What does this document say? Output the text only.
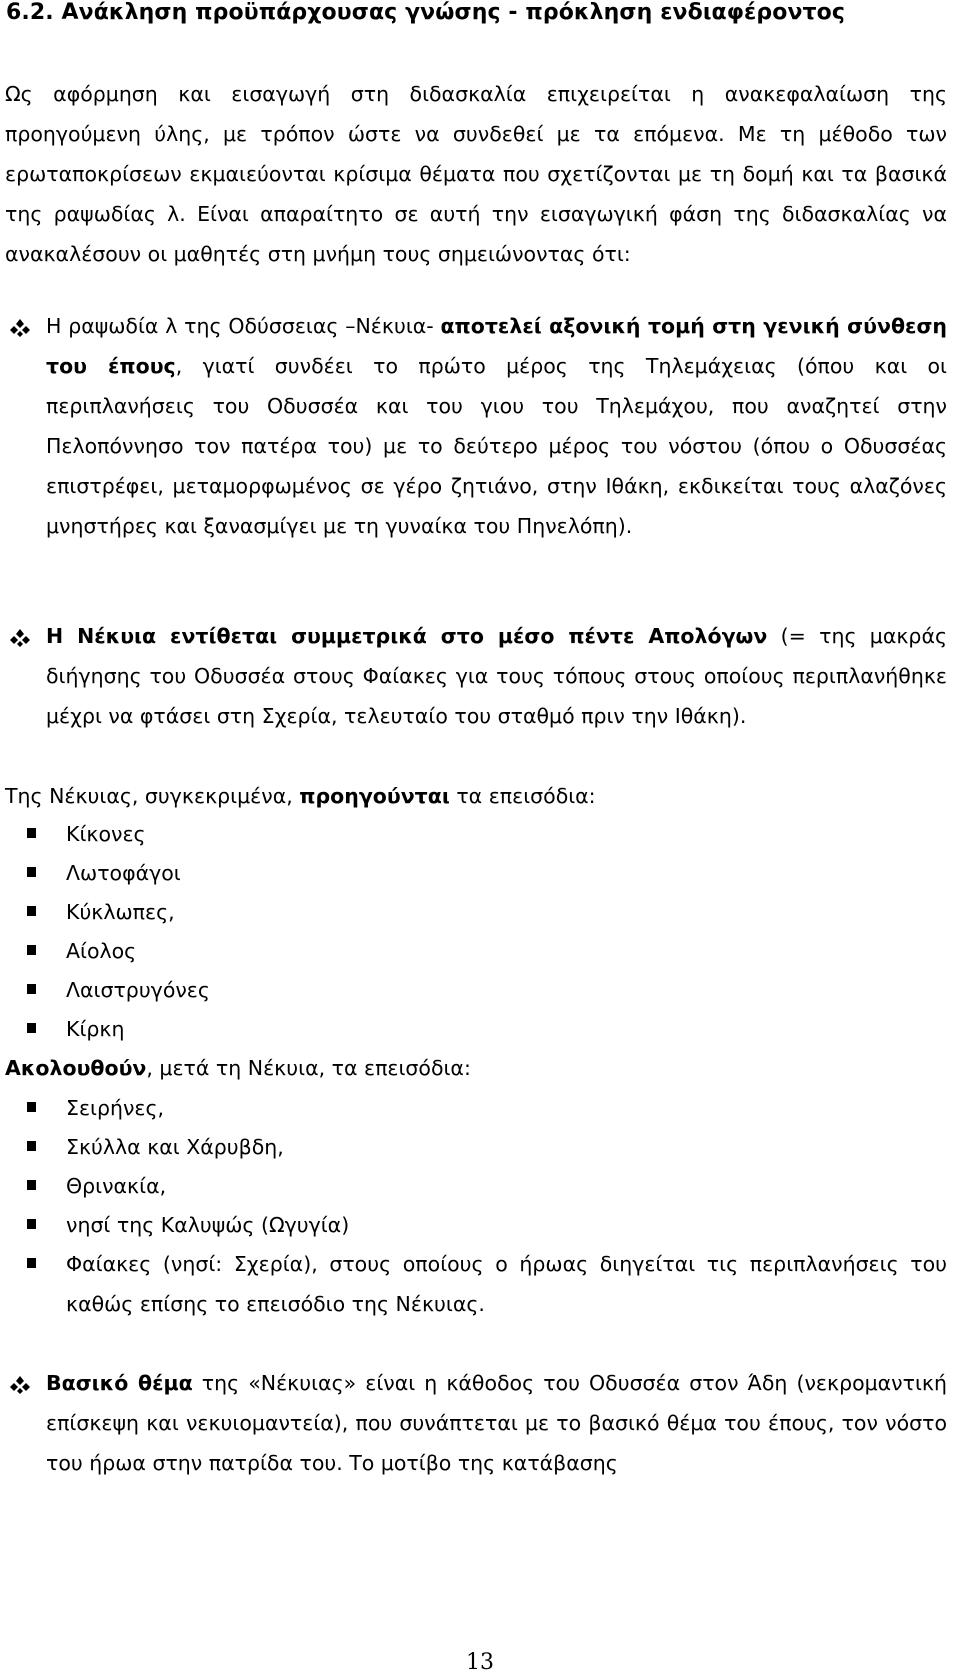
6.2. Ανάκληση προϋπάρχουσας γνώσης - πρόκληση ενδιαφέροντος
Ως αφόρμηση και εισαγωγή στη διδασκαλία επιχειρείται η ανακεφαλαίωση της προηγούμενη ύλης, με τρόπον ώστε να συνδεθεί με τα επόμενα. Με τη μέθοδο των ερωταποκρίσεων εκμαιεύονται κρίσιμα θέματα που σχετίζονται με τη δομή και τα βασικά της ραψωδίας λ. Είναι απαραίτητο σε αυτή την εισαγωγική φάση της διδασκαλίας να ανακαλέσουν οι μαθητές στη μνήμη τους σημειώνοντας ότι:
Η ραψωδία λ της Οδύσσειας –Νέκυια- αποτελεί αξονική τομή στη γενική σύνθεση του έπους, γιατί συνδέει το πρώτο μέρος της Τηλεμάχειας (όπου και οι περιπλανήσεις του Οδυσσέα και του γιου του Τηλεμάχου, που αναζητεί στην Πελοπόννησο τον πατέρα του) με το δεύτερο μέρος του νόστου (όπου ο Οδυσσέας επιστρέφει, μεταμορφωμένος σε γέρο ζητιάνο, στην Ιθάκη, εκδικείται τους αλαζόνες μνηστήρες και ξανασμίγει με τη γυναίκα του Πηνελόπη).
Η Νέκυια εντίθεται συμμετρικά στο μέσο πέντε Απολόγων (= της μακράς διήγησης του Οδυσσέα στους Φαίακες για τους τόπους στους οποίους περιπλανήθηκε μέχρι να φτάσει στη Σχερία, τελευταίο του σταθμό πριν την Ιθάκη).
Της Νέκυιας, συγκεκριμένα, προηγούνται τα επεισόδια:
Κίκονες
Λωτοφάγοι
Κύκλωπες,
Αίολος
Λαιστρυγόνες
Κίρκη
Ακολουθούν, μετά τη Νέκυια, τα επεισόδια:
Σειρήνες,
Σκύλλα και Χάρυβδη,
Θρινακία,
νησί της Καλυψώς (Ωγυγία)
Φαίακες (νησί: Σχερία), στους οποίους ο ήρωας διηγείται τις περιπλανήσεις του καθώς επίσης το επεισόδιο της Νέκυιας.
Βασικό θέμα της «Νέκυιας» είναι η κάθοδος του Οδυσσέα στον Άδη (νεκρομαντική επίσκεψη και νεκυιομαντεία), που συνάπτεται με το βασικό θέμα του έπους, τον νόστο του ήρωα στην πατρίδα του. Το μοτίβο της κατάβασης
13
